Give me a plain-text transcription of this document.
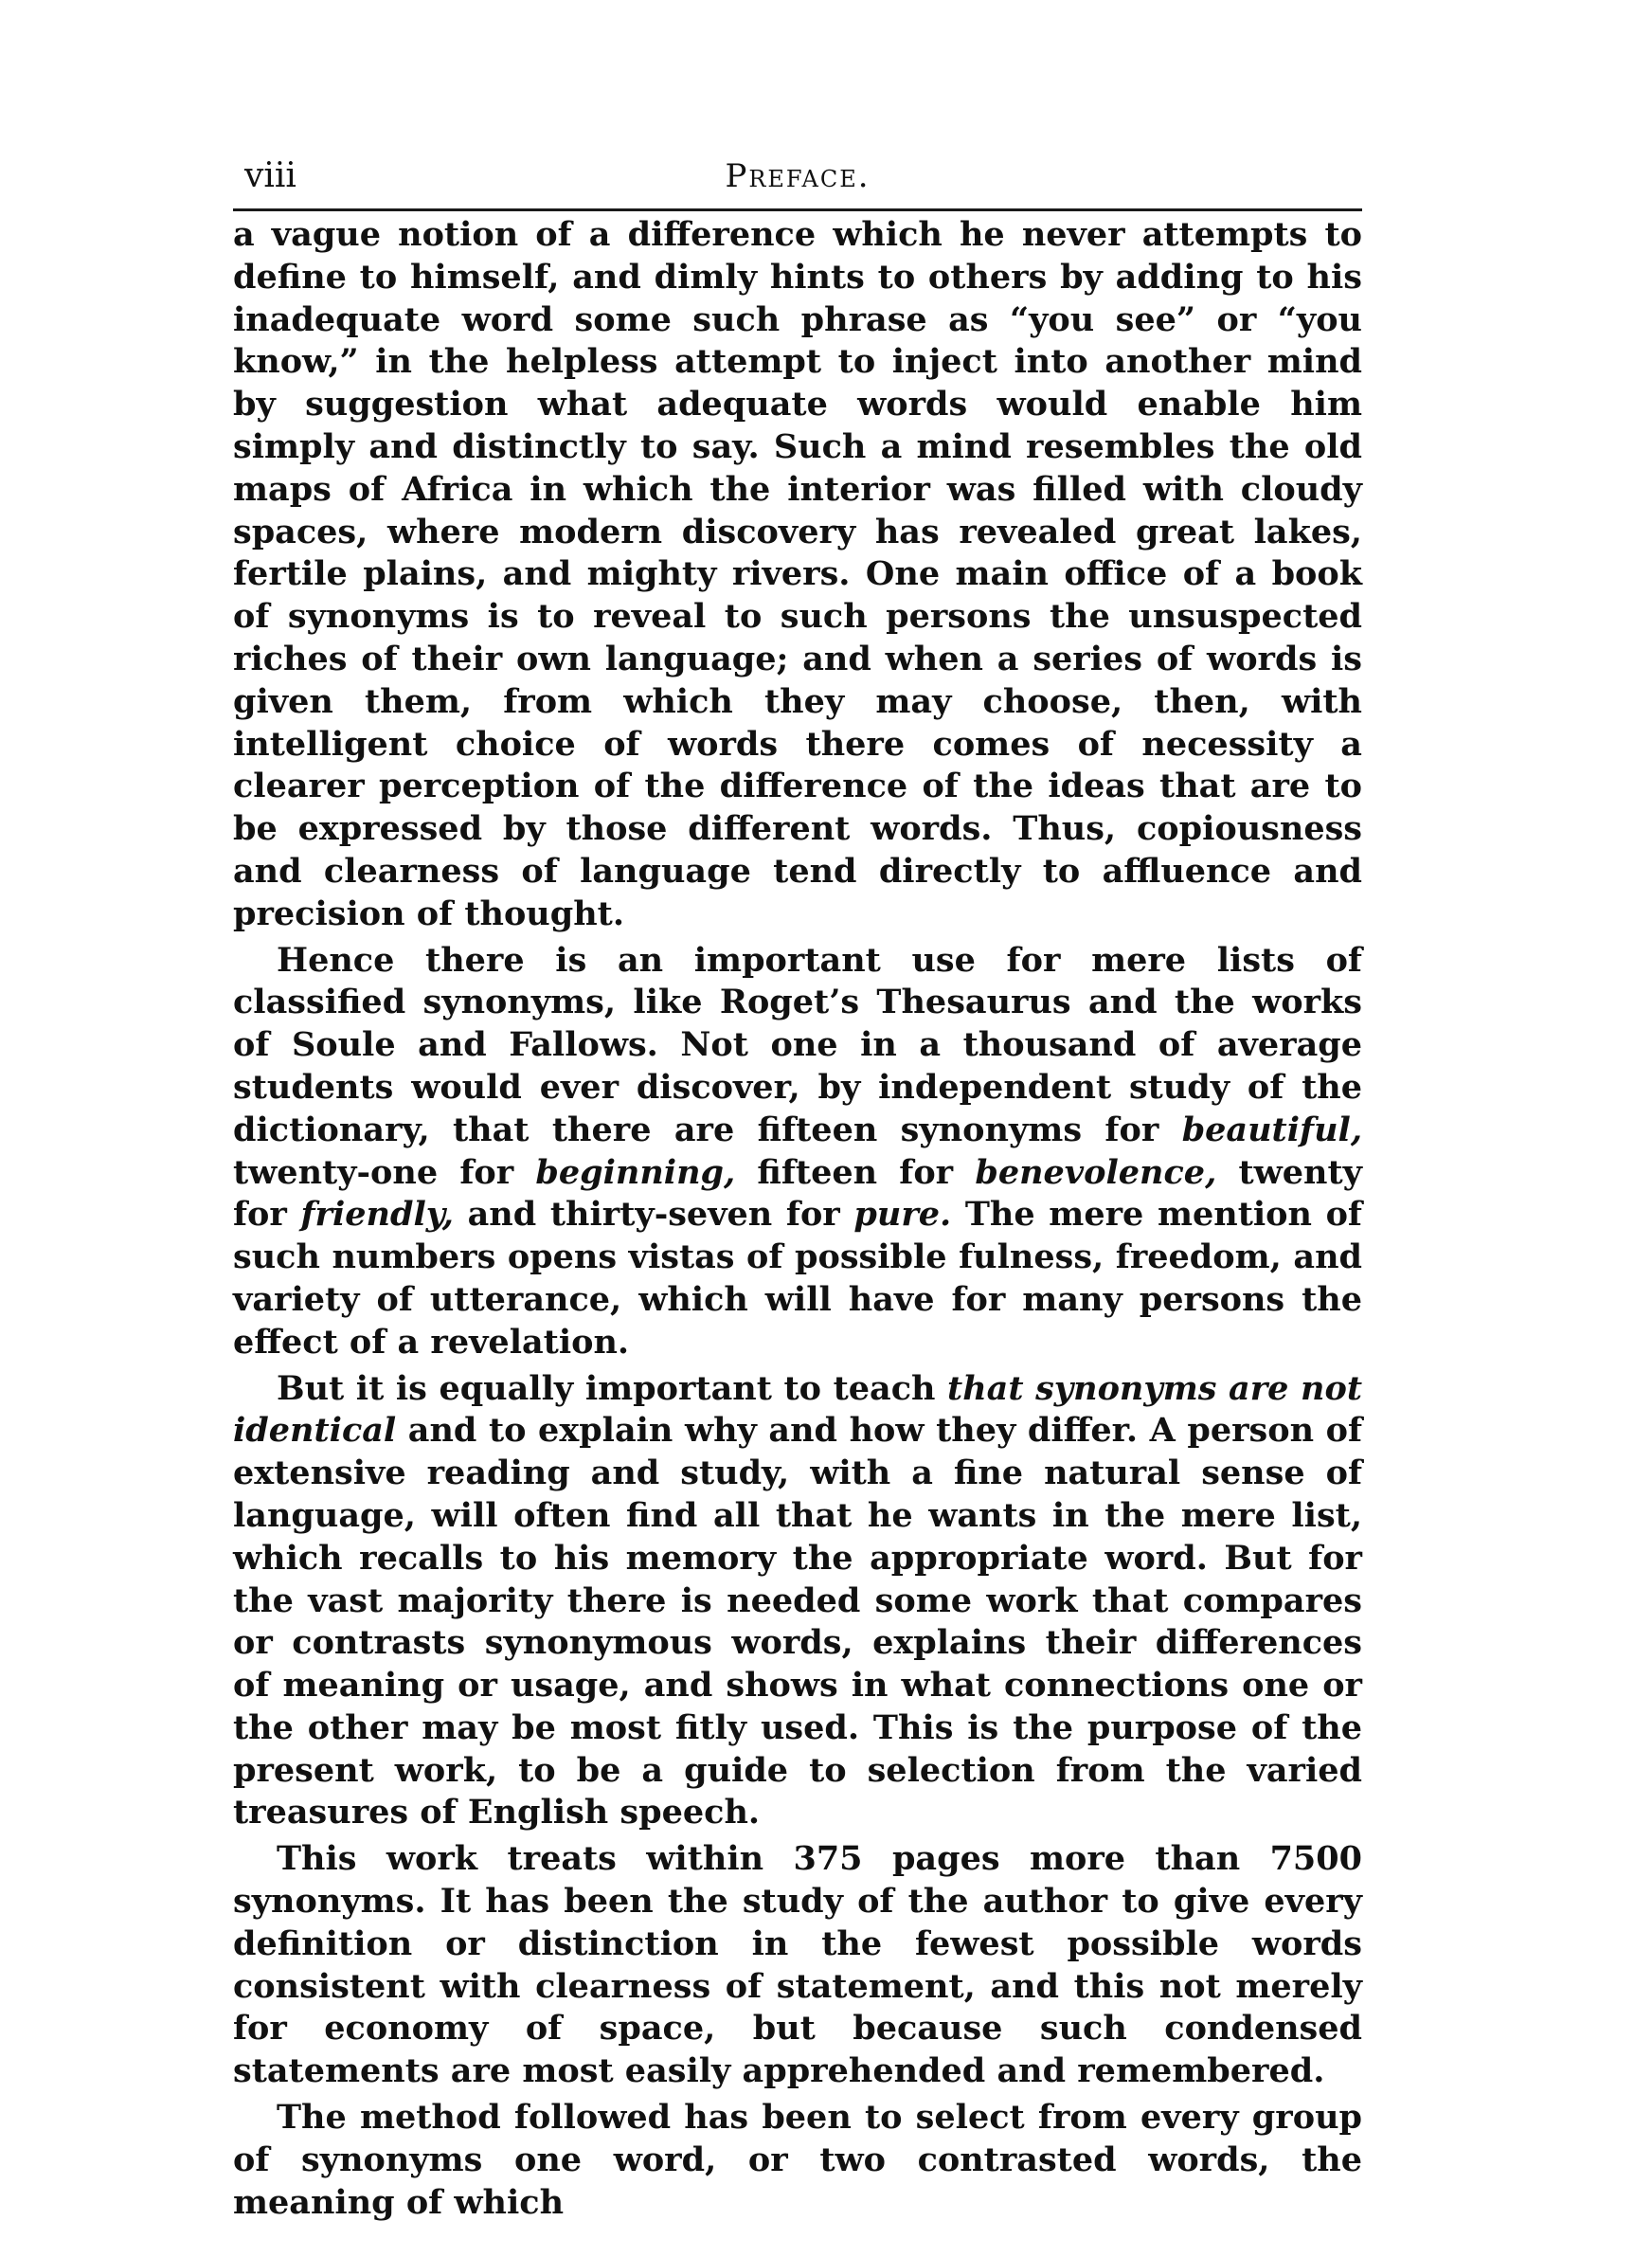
viii	Preface.

a vague notion of a difference which he never attempts to define to himself, and dimly hints to others by adding to his inadequate word some such phrase as “you see” or “you know,” in the helpless attempt to inject into another mind by suggestion what adequate words would enable him simply and distinctly to say. Such a mind resembles the old maps of Africa in which the interior was filled with cloudy spaces, where modern discovery has revealed great lakes, fertile plains, and mighty rivers. One main office of a book of synonyms is to reveal to such persons the unsuspected riches of their own language; and when a series of words is given them, from which they may choose, then, with intelligent choice of words there comes of necessity a clearer perception of the difference of the ideas that are to be expressed by those different words. Thus, copiousness and clearness of language tend directly to affluence and precision of thought.

Hence there is an important use for mere lists of classified synonyms, like Roget’s Thesaurus and the works of Soule and Fallows. Not one in a thousand of average students would ever discover, by independent study of the dictionary, that there are fifteen synonyms for beautiful, twenty-one for beginning, fifteen for benevolence, twenty for friendly, and thirty-seven for pure. The mere mention of such numbers opens vistas of possible fulness, freedom, and variety of utterance, which will have for many persons the effect of a revelation.

But it is equally important to teach that synonyms are not identical and to explain why and how they differ. A person of extensive reading and study, with a fine natural sense of language, will often find all that he wants in the mere list, which recalls to his memory the appropriate word. But for the vast majority there is needed some work that compares or contrasts synonymous words, explains their differences of meaning or usage, and shows in what connections one or the other may be most fitly used. This is the purpose of the present work, to be a guide to selection from the varied treasures of English speech.

This work treats within 375 pages more than 7500 synonyms. It has been the study of the author to give every definition or distinction in the fewest possible words consistent with clearness of statement, and this not merely for economy of space, but because such condensed statements are most easily apprehended and remembered.

The method followed has been to select from every group of synonyms one word, or two contrasted words, the meaning of which
